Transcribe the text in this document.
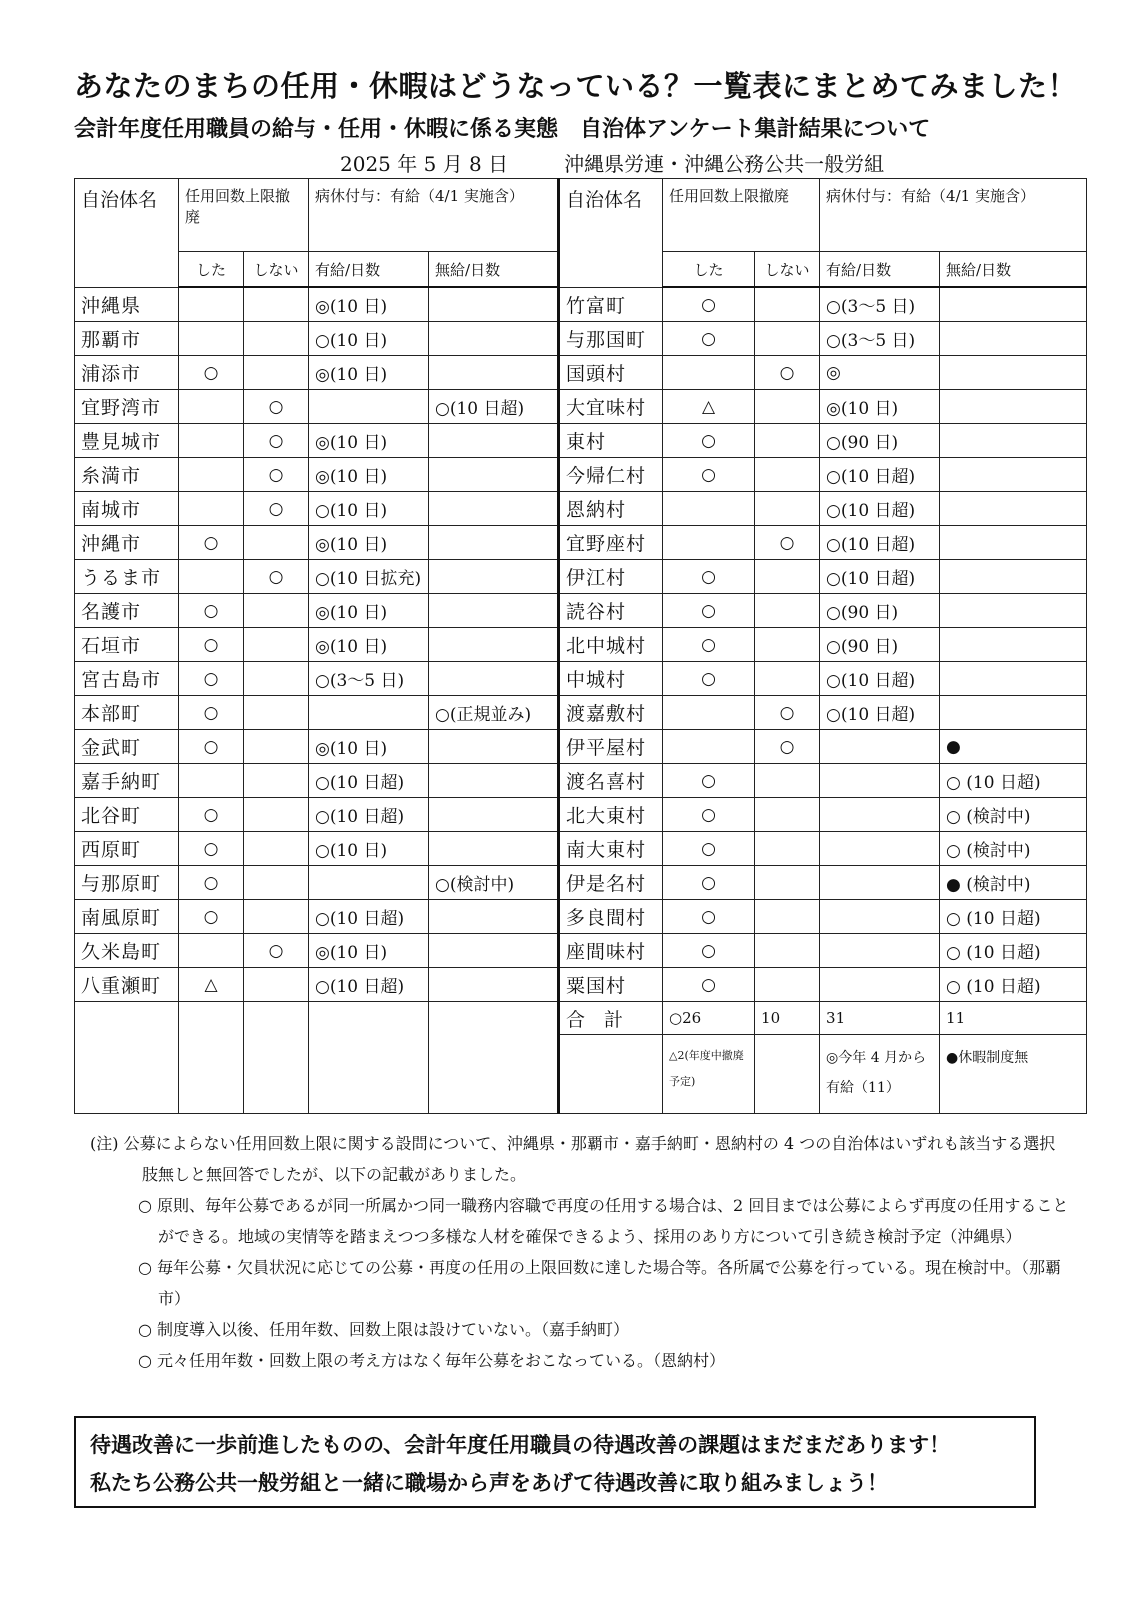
あなたのまちの任用・休暇はどうなっている？一覧表にまとめてみました！
会計年度任用職員の給与・任用・休暇に係る実態　自治体アンケート集計結果について
2025 年 5 月 8 日	沖縄県労連・沖縄公務公共一般労組
自治体名	任用回数上限撤廃		病休付与：有給（4/1 実施含）		自治体名	任用回数上限撤廃		病休付与：有給（4/1 実施含）	
	した	しない	有給/日数	無給/日数		した	しない	有給/日数	無給/日数
沖縄県			◎(10 日)		竹富町	○		○(3～5 日)	
那覇市			○(10 日)		与那国町	○		○(3～5 日)	
浦添市	○		◎(10 日)		国頭村		○	◎	
宜野湾市		○		○(10 日超)	大宜味村	△		◎(10 日)	
豊見城市		○	◎(10 日)		東村	○		○(90 日)	
糸満市		○	◎(10 日)		今帰仁村	○		○(10 日超)	
南城市		○	○(10 日)		恩納村			○(10 日超)	
沖縄市	○		◎(10 日)		宜野座村		○	○(10 日超)	
うるま市		○	○(10 日拡充)		伊江村	○		○(10 日超)	
名護市	○		◎(10 日)		読谷村	○		○(90 日)	
石垣市	○		◎(10 日)		北中城村	○		○(90 日)	
宮古島市	○		○(3～5 日)		中城村	○		○(10 日超)	
本部町	○			○(正規並み)	渡嘉敷村		○	○(10 日超)	
金武町	○		◎(10 日)		伊平屋村		○		●
嘉手納町			○(10 日超)		渡名喜村	○			○ (10 日超)
北谷町	○		○(10 日超)		北大東村	○			○ (検討中)
西原町	○		○(10 日)		南大東村	○			○ (検討中)
与那原町	○			○(検討中)	伊是名村	○			● (検討中)
南風原町	○		○(10 日超)		多良間村	○			○ (10 日超)
久米島町		○	◎(10 日)		座間味村	○			○ (10 日超)
八重瀬町	△		○(10 日超)		粟国村	○			○ (10 日超)
					合　計	○26	10	31	11
						△2(年度中撤廃予定)		◎今年 4 月から有給（11）	●休暇制度無
(注) 公募によらない任用回数上限に関する設問について、沖縄県・那覇市・嘉手納町・恩納村の 4 つの自治体はいずれも該当する選択肢無しと無回答でしたが、以下の記載がありました。
○ 原則、毎年公募であるが同一所属かつ同一職務内容職で再度の任用する場合は、2 回目までは公募によらず再度の任用することができる。地域の実情等を踏まえつつ多様な人材を確保できるよう、採用のあり方について引き続き検討予定（沖縄県）
○ 毎年公募・欠員状況に応じての公募・再度の任用の上限回数に達した場合等。各所属で公募を行っている。現在検討中。（那覇市）
○ 制度導入以後、任用年数、回数上限は設けていない。（嘉手納町）
○ 元々任用年数・回数上限の考え方はなく毎年公募をおこなっている。（恩納村）
待遇改善に一歩前進したものの、会計年度任用職員の待遇改善の課題はまだまだあります！
私たち公務公共一般労組と一緒に職場から声をあげて待遇改善に取り組みましょう！
